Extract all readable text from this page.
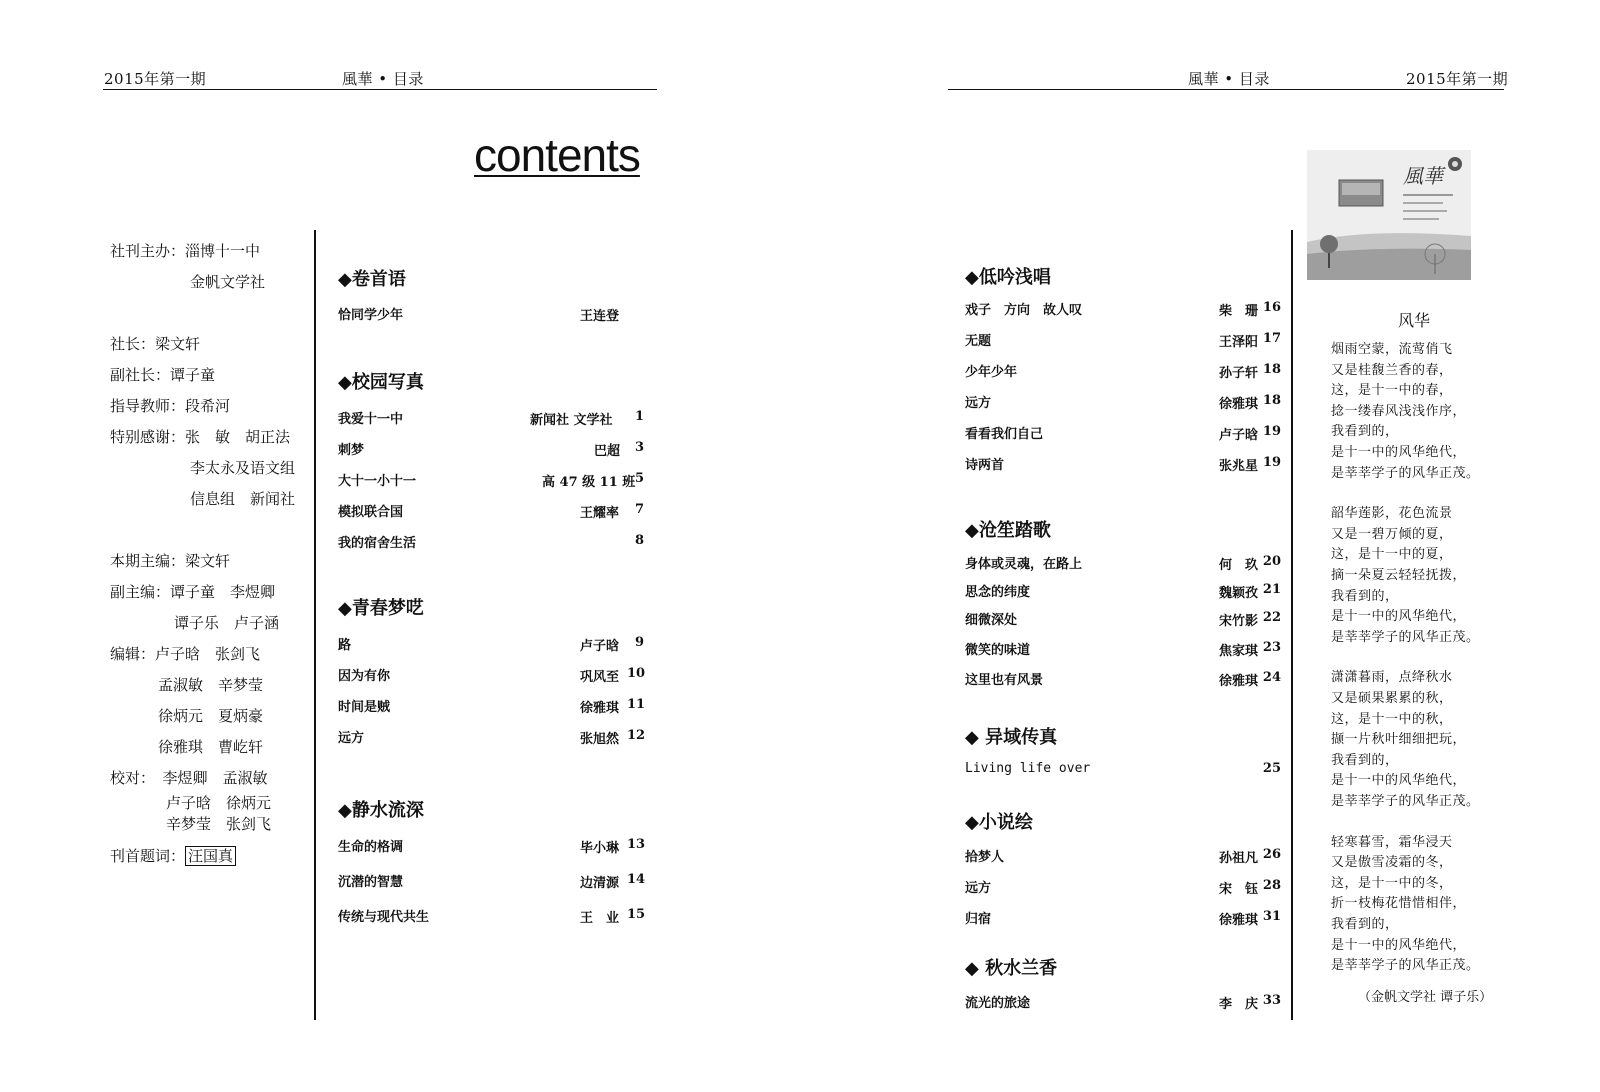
2015年第一期	風華 • 目录
contents
社刊主办：淄博十一中
金帆文学社
社长：梁文轩
副社长：谭子童
指导教师：段希河
特别感谢：张　敏　胡正法
李太永及语文组
信息组　新闻社
本期主编：梁文轩
副主编：谭子童　李煜卿
谭子乐　卢子涵
编辑：卢子晗　张剑飞
孟淑敏　辛梦莹
徐炳元　夏炳豪
徐雅琪　曹屹轩
校对：　李煜卿　孟淑敏
卢子晗　徐炳元
辛梦莹　张剑飞
刊首题词： 汪国真
◆卷首语
恰同学少年	王连登
◆校园写真
我爱十一中	新闻社 文学社	1
刺梦	巴超	3
大十一小十一	高 47 级 11 班 5
模拟联合国	王耀率	7
我的宿舍生活	8
◆青春梦呓
路	卢子晗	9
因为有你	巩风至 10
时间是贼	徐雅琪 11
远方	张旭然 12
◆静水流深
生命的格调	毕小琳 13
沉潜的智慧	边清源 14
传统与现代共生	王　业 15
風華 • 目录	2015年第一期
◆低吟浅唱
戏子　方向　故人叹	柴　珊 16
无题	王泽阳 17
少年少年	孙子轩 18
远方	徐雅琪 18
看看我们自己	卢子晗 19
诗两首	张兆星 19
◆沧笙踏歌
身体或灵魂，在路上	何　玖 20
思念的纬度	魏颖孜 21
细微深处	宋竹影 22
微笑的味道	焦家琪 23
这里也有风景	徐雅琪 24
◆ 异域传真
Living life over	25
◆小说绘
拾梦人	孙祖凡 26
远方	宋　钰 28
归宿	徐雅琪 31
◆ 秋水兰香
流光的旅途	李　庆 33
風華
风华
烟雨空蒙，流莺俏飞
又是桂馥兰香的春，
这，是十一中的春，
捻一缕春风浅浅作序，
我看到的，
是十一中的风华绝代，
是莘莘学子的风华正茂。
韶华莲影，花色流景
又是一碧万倾的夏，
这，是十一中的夏，
摘一朵夏云轻轻抚拨，
我看到的，
是十一中的风华绝代，
是莘莘学子的风华正茂。
潇潇暮雨，点绛秋水
又是硕果累累的秋，
这，是十一中的秋，
撷一片秋叶细细把玩，
我看到的，
是十一中的风华绝代，
是莘莘学子的风华正茂。
轻寒暮雪，霜华浸天
又是傲雪凌霜的冬，
这，是十一中的冬，
折一枝梅花惜惜相伴，
我看到的，
是十一中的风华绝代，
是莘莘学子的风华正茂。
（金帆文学社 谭子乐）
